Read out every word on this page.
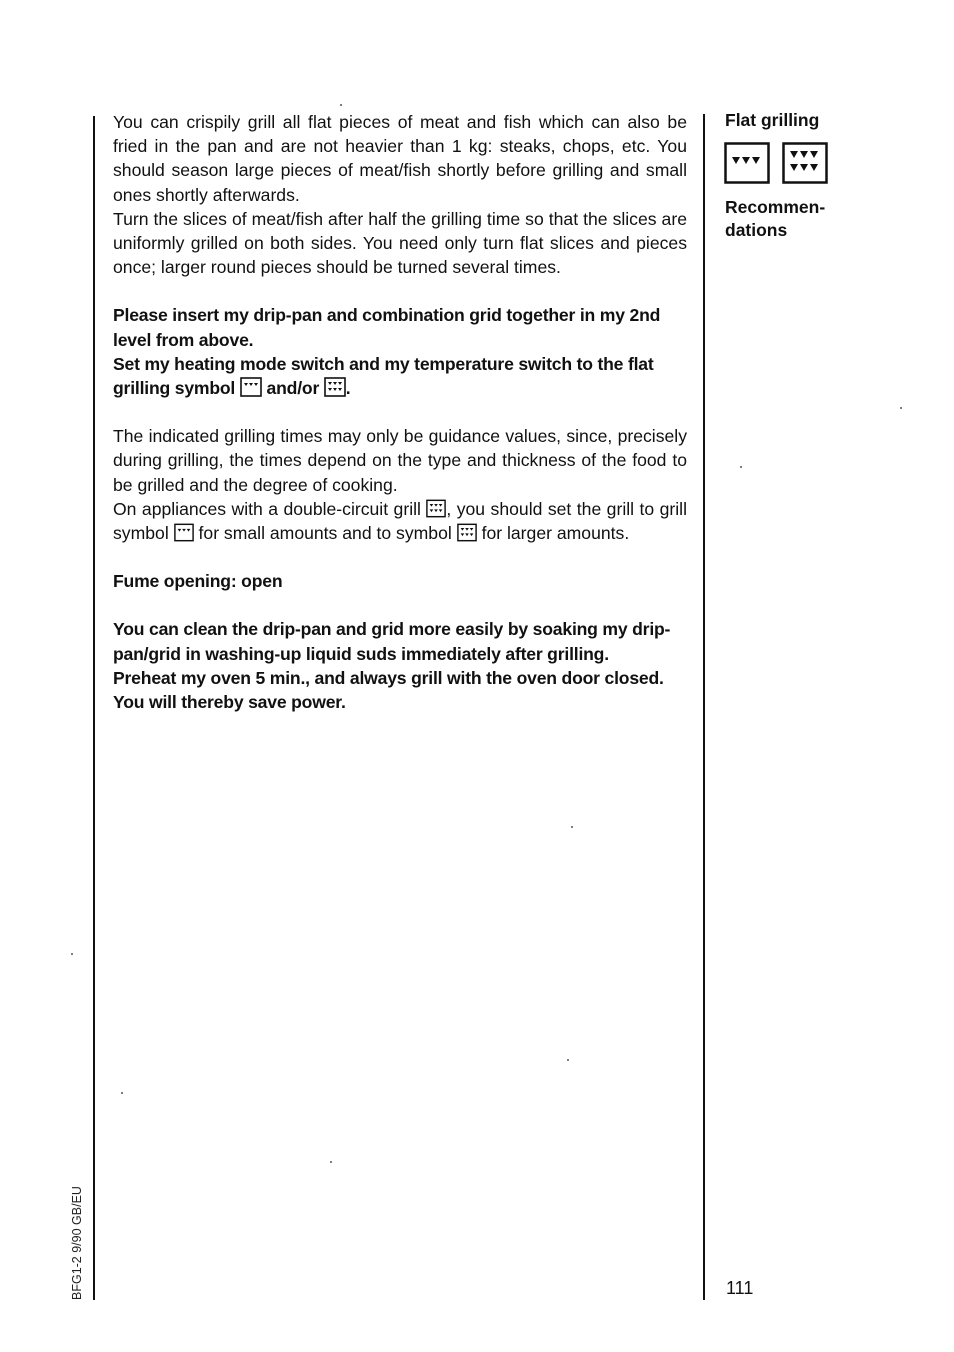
You can crispily grill all flat pieces of meat and fish which can also be fried in the pan and are not heavier than 1 kg: steaks, chops, etc. You should season large pieces of meat/fish shortly before grilling and small ones shortly afterwards.

Turn the slices of meat/fish after half the grilling time so that the slices are uniformly grilled on both sides. You need only turn flat slices and pieces once; larger round pieces should be turned several times.

Please insert my drip-pan and combination grid together in my 2nd level from above.

Set my heating mode switch and my temperature switch to the flat grilling symbol and/or .

The indicated grilling times may only be guidance values, since, precisely during grilling, the times depend on the type and thickness of the food to be grilled and the degree of cooking.

On appliances with a double-circuit grill , you should set the grill to grill symbol for small amounts and to symbol for larger amounts.

Fume opening: open

You can clean the drip-pan and grid more easily by soaking my drip-pan/grid in washing-up liquid suds immediately after grilling.

Preheat my oven 5 min., and always grill with the oven door closed. You will thereby save power.

Flat grilling
Recommen-dations
BFG1-2 9/90 GB/EU	111
